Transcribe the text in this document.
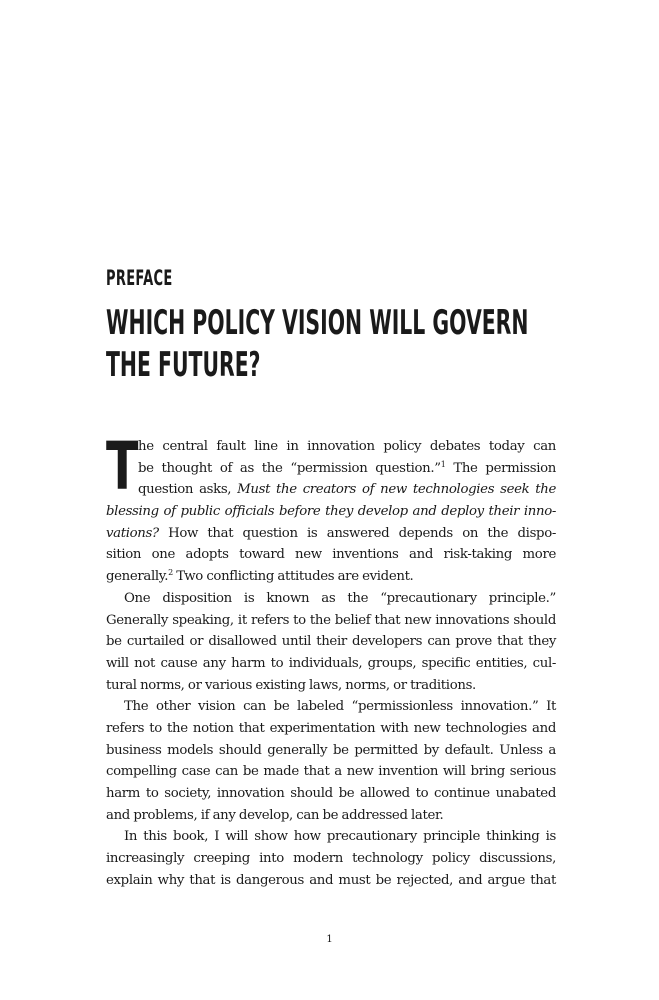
PREFACE
WHICH POLICY VISION WILL GOVERN
THE FUTURE?
T he central fault line in innovation policy debates today can
be thought of as the “permission question.”$^1$ The permission
question asks, Must the creators of new technologies seek the
blessing of public officials before they develop and deploy their inno-
vations? How that question is answered depends on the dispo-
sition one adopts toward new inventions and risk-taking more
generally.$^2$ Two conflicting attitudes are evident.
One disposition is known as the “precautionary principle.”
Generally speaking, it refers to the belief that new innovations should
be curtailed or disallowed until their developers can prove that they
will not cause any harm to individuals, groups, specific entities, cul-
tural norms, or various existing laws, norms, or traditions.
The other vision can be labeled “permissionless innovation.” It
refers to the notion that experimentation with new technologies and
business models should generally be permitted by default. Unless a
compelling case can be made that a new invention will bring serious
harm to society, innovation should be allowed to continue unabated
and problems, if any develop, can be addressed later.
In this book, I will show how precautionary principle thinking is
increasingly creeping into modern technology policy discussions,
explain why that is dangerous and must be rejected, and argue that
1
